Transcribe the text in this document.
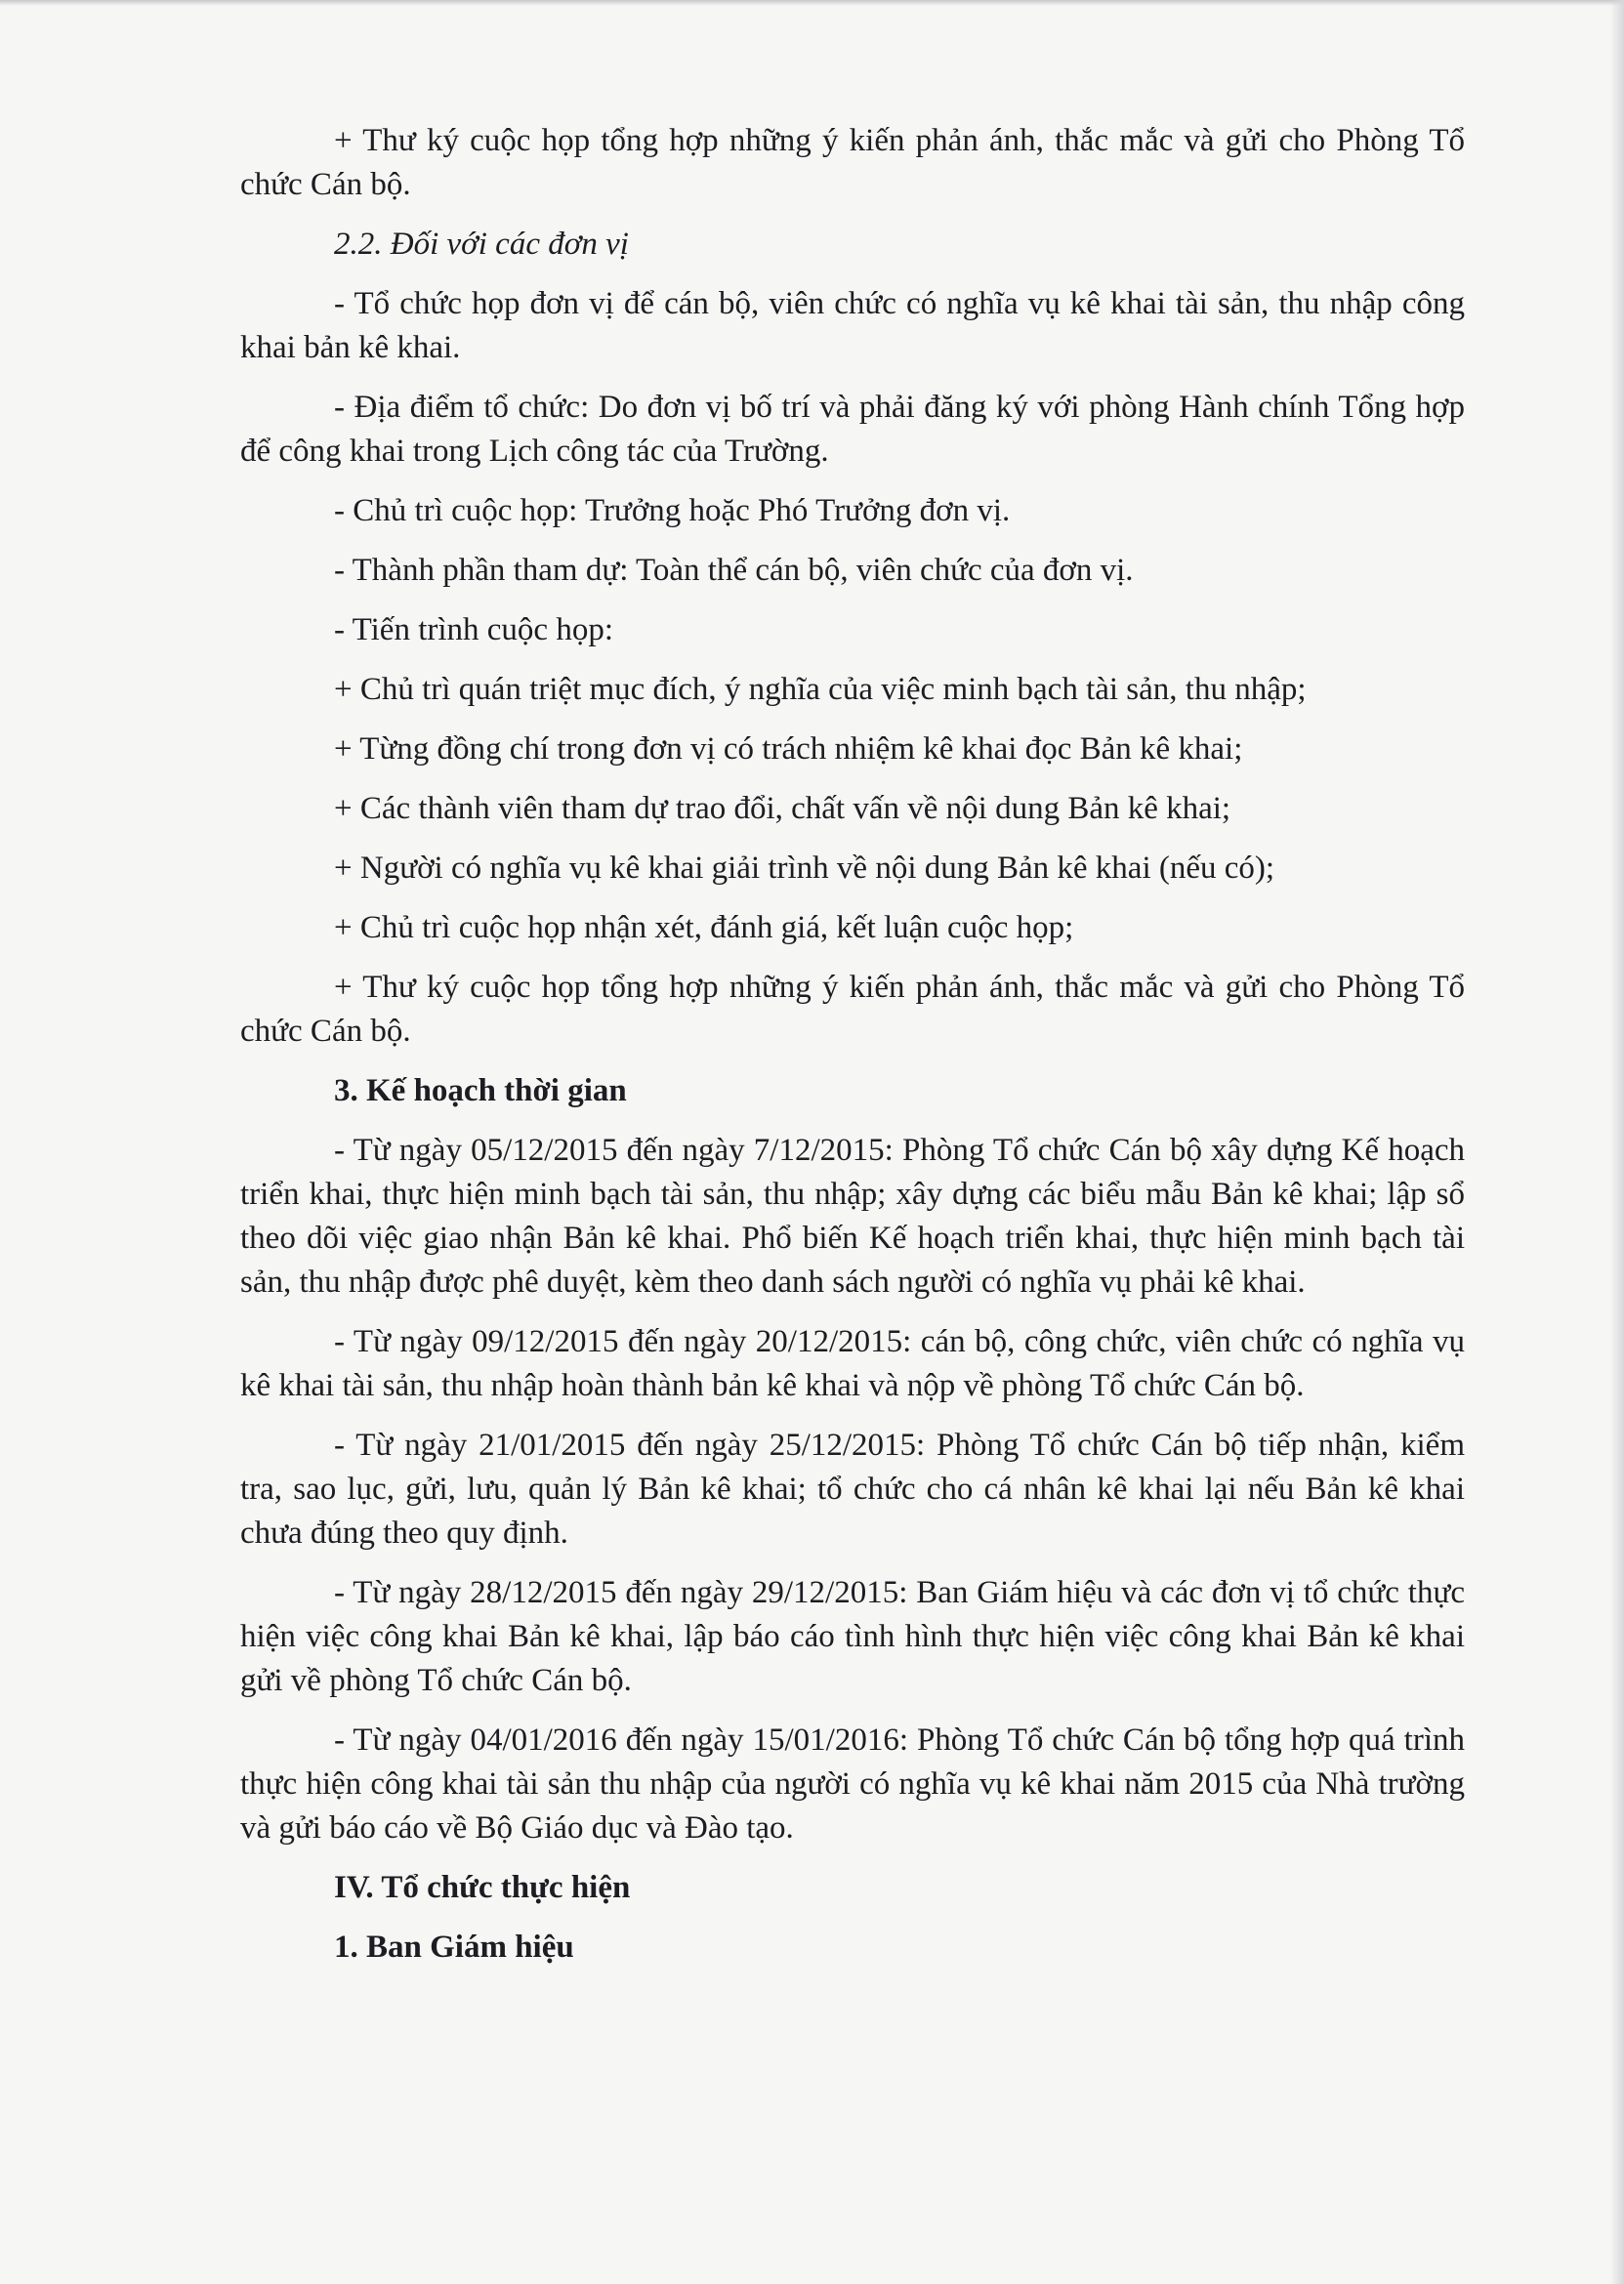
+ Thư ký cuộc họp tổng hợp những ý kiến phản ánh, thắc mắc và gửi cho Phòng Tổ chức Cán bộ.

2.2. Đối với các đơn vị

- Tổ chức họp đơn vị để cán bộ, viên chức có nghĩa vụ kê khai tài sản, thu nhập công khai bản kê khai.

- Địa điểm tổ chức: Do đơn vị bố trí và phải đăng ký với phòng Hành chính Tổng hợp để công khai trong Lịch công tác của Trường.

- Chủ trì cuộc họp: Trưởng hoặc Phó Trưởng đơn vị.

- Thành phần tham dự: Toàn thể cán bộ, viên chức của đơn vị.

- Tiến trình cuộc họp:

+ Chủ trì quán triệt mục đích, ý nghĩa của việc minh bạch tài sản, thu nhập;

+ Từng đồng chí trong đơn vị có trách nhiệm kê khai đọc Bản kê khai;

+ Các thành viên tham dự trao đổi, chất vấn về nội dung Bản kê khai;

+ Người có nghĩa vụ kê khai giải trình về nội dung Bản kê khai (nếu có);

+ Chủ trì cuộc họp nhận xét, đánh giá, kết luận cuộc họp;

+ Thư ký cuộc họp tổng hợp những ý kiến phản ánh, thắc mắc và gửi cho Phòng Tổ chức Cán bộ.

3. Kế hoạch thời gian

- Từ ngày 05/12/2015 đến ngày 7/12/2015: Phòng Tổ chức Cán bộ xây dựng Kế hoạch triển khai, thực hiện minh bạch tài sản, thu nhập; xây dựng các biểu mẫu Bản kê khai; lập sổ theo dõi việc giao nhận Bản kê khai. Phổ biến Kế hoạch triển khai, thực hiện minh bạch tài sản, thu nhập được phê duyệt, kèm theo danh sách người có nghĩa vụ phải kê khai.

- Từ ngày 09/12/2015 đến ngày 20/12/2015: cán bộ, công chức, viên chức có nghĩa vụ kê khai tài sản, thu nhập hoàn thành bản kê khai và nộp về phòng Tổ chức Cán bộ.

- Từ ngày 21/01/2015 đến ngày 25/12/2015: Phòng Tổ chức Cán bộ tiếp nhận, kiểm tra, sao lục, gửi, lưu, quản lý Bản kê khai; tổ chức cho cá nhân kê khai lại nếu Bản kê khai chưa đúng theo quy định.

- Từ ngày 28/12/2015 đến ngày 29/12/2015: Ban Giám hiệu và các đơn vị tổ chức thực hiện việc công khai Bản kê khai, lập báo cáo tình hình thực hiện việc công khai Bản kê khai gửi về phòng Tổ chức Cán bộ.

- Từ ngày 04/01/2016 đến ngày 15/01/2016: Phòng Tổ chức Cán bộ tổng hợp quá trình thực hiện công khai tài sản thu nhập của người có nghĩa vụ kê khai năm 2015 của Nhà trường và gửi báo cáo về Bộ Giáo dục và Đào tạo.

IV. Tổ chức thực hiện

1. Ban Giám hiệu
